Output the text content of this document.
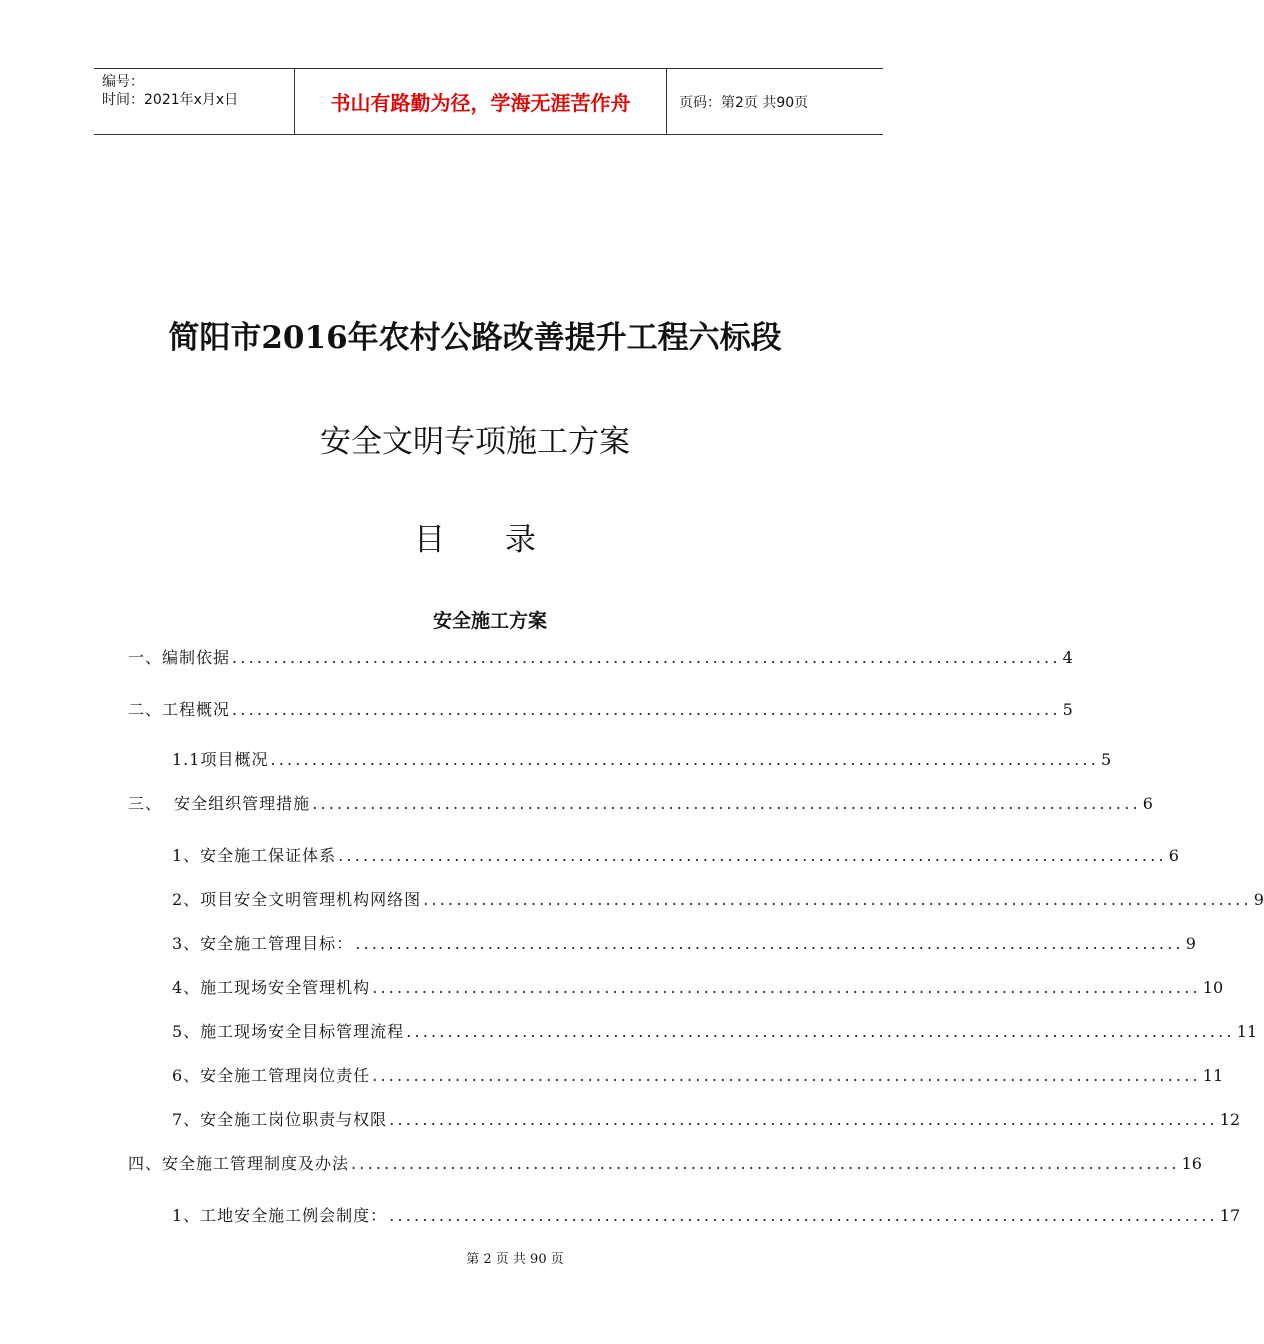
编号：
时间：2021年x月x日	书山有路勤为径，学海无涯苦作舟	页码：第2页 共90页
简阳市2016年农村公路改善提升工程六标段
安全文明专项施工方案
目录
安全施工方案
一、编制依据 .................................................................................................... 4
二、工程概况 .................................................................................................... 5
1.1项目概况 .................................................................................................... 5
三、  安全组织管理措施 .................................................................................................... 6
1、安全施工保证体系 .................................................................................................... 6
2、项目安全文明管理机构网络图 .................................................................................................... 9
3、安全施工管理目标： .................................................................................................... 9
4、施工现场安全管理机构 .................................................................................................... 10
5、施工现场安全目标管理流程 .................................................................................................... 11
6、安全施工管理岗位责任 .................................................................................................... 11
7、安全施工岗位职责与权限 .................................................................................................... 12
四、安全施工管理制度及办法 .................................................................................................... 16
1、工地安全施工例会制度： .................................................................................................... 17
第 2 页 共 90 页
